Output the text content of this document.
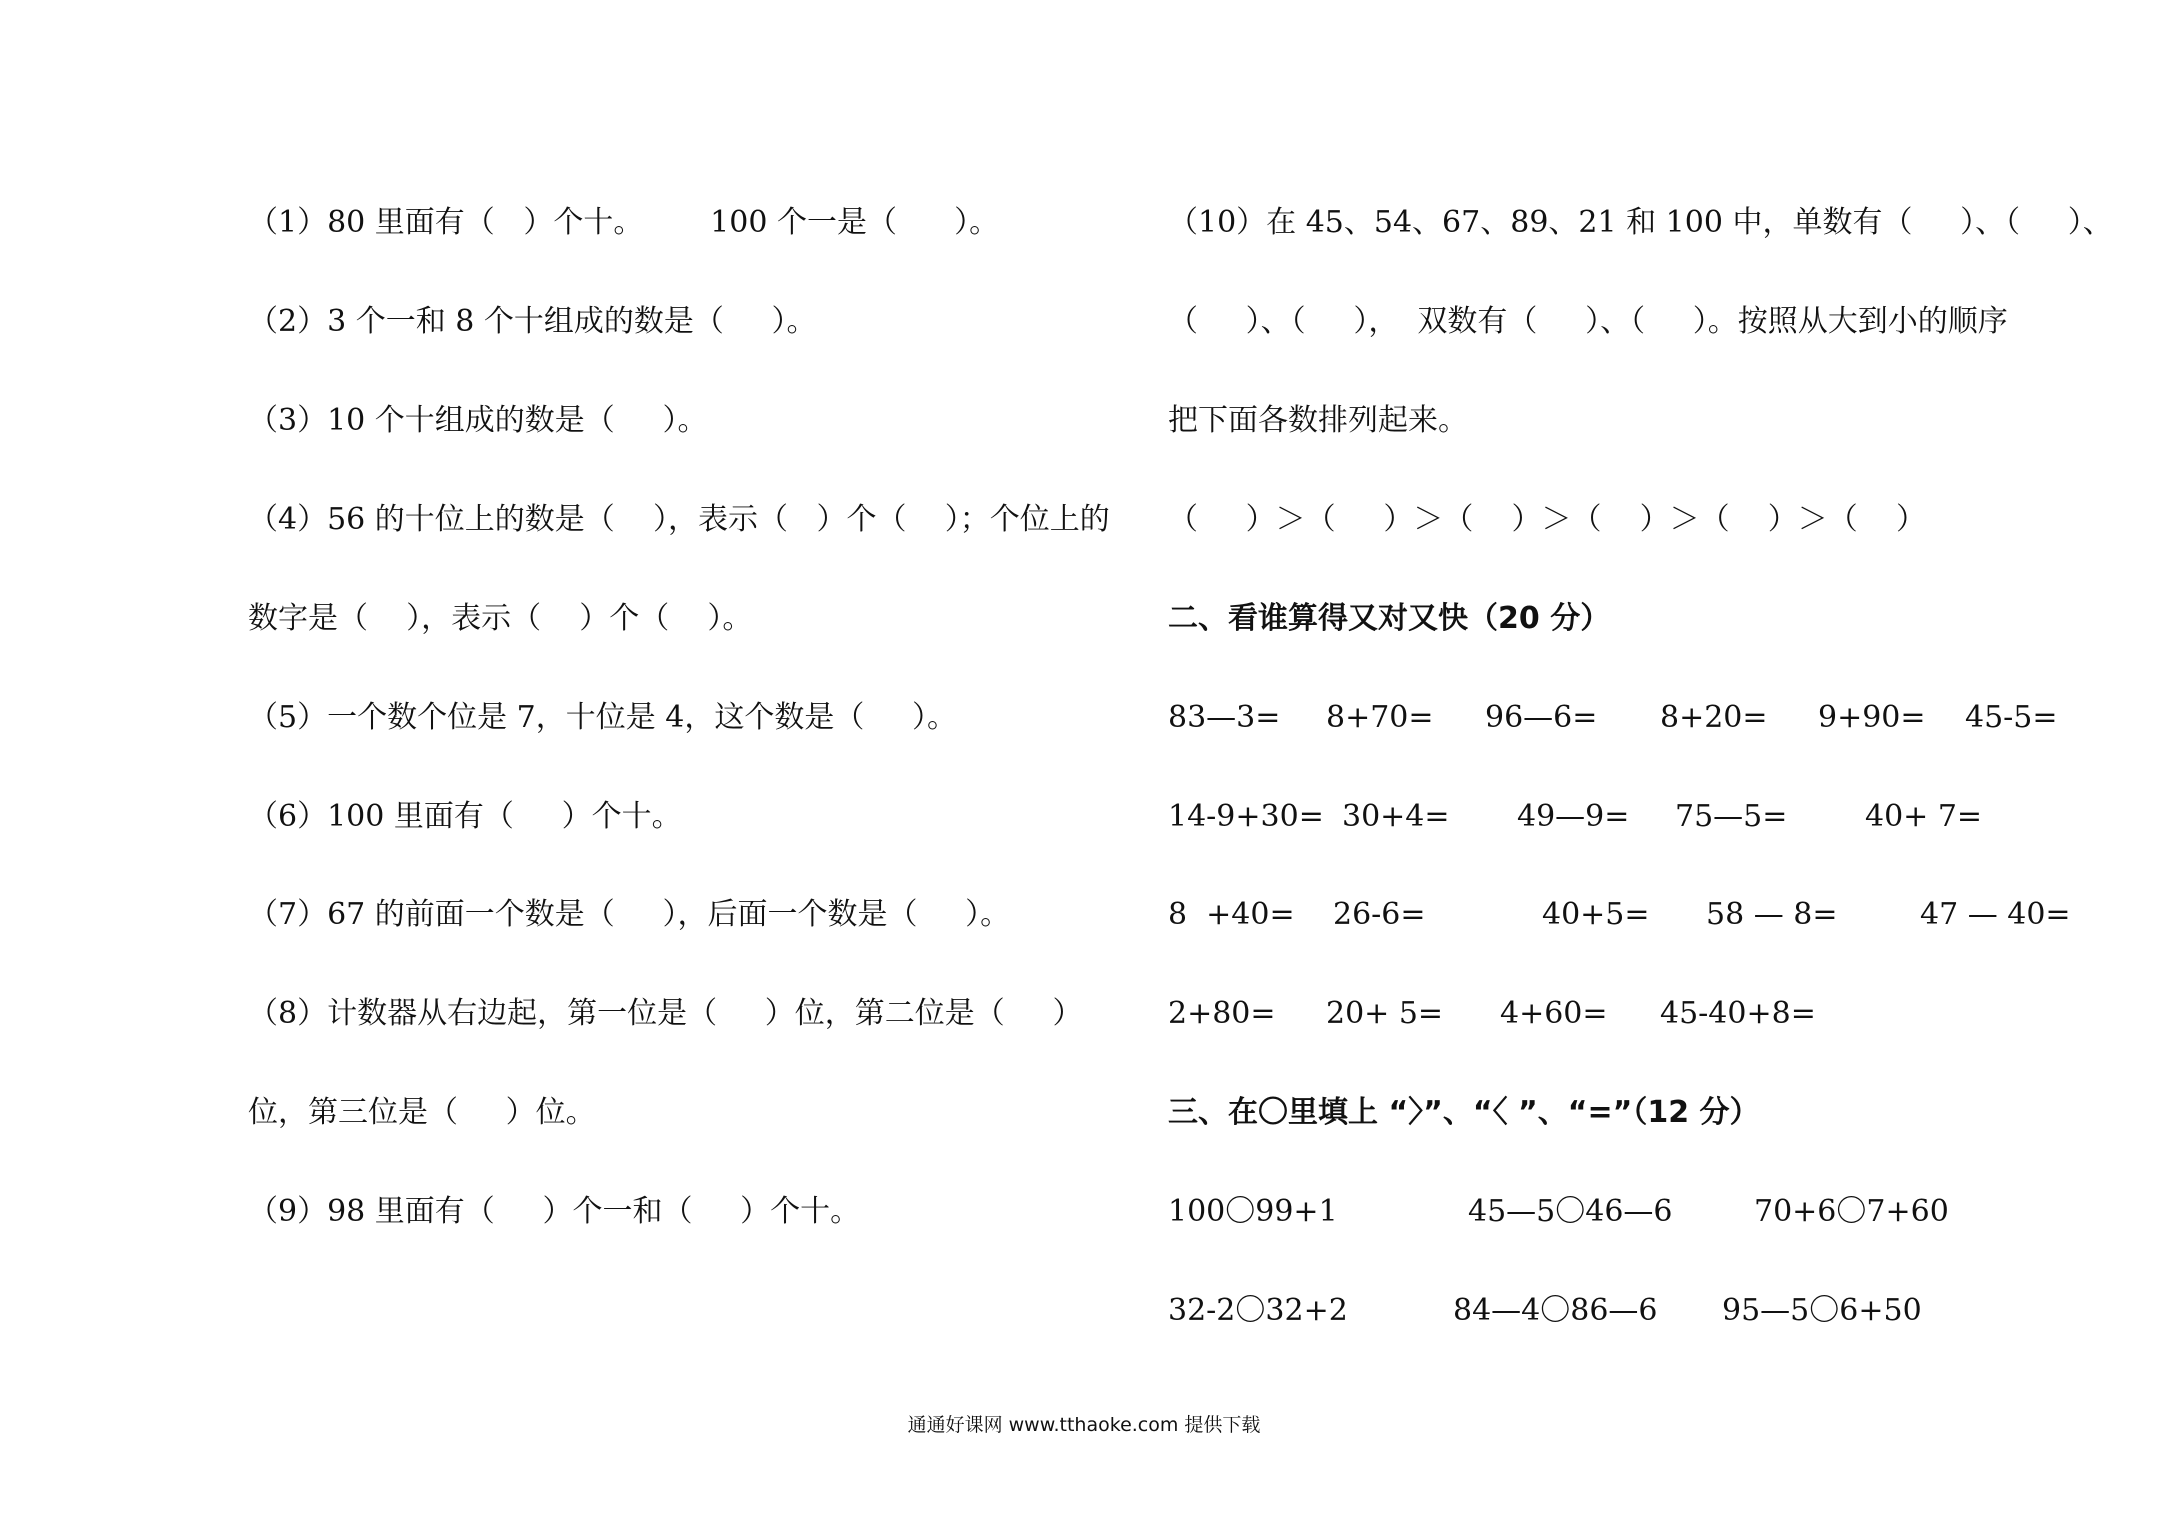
（1）80 里面有（   ）个十。       100 个一是（      ）。
（2）3 个一和 8 个十组成的数是（     ）。
（3）10 个十组成的数是（     ）。
（4）56 的十位上的数是（    ），表示（   ）个（    ）；个位上的
数字是（    ），表示（    ）个（    ）。
（5）一个数个位是 7，十位是 4，这个数是（     ）。
（6）100 里面有（     ）个十。
（7）67 的前面一个数是（     ），后面一个数是（     ）。
（8）计数器从右边起，第一位是（     ）位，第二位是（     ）
位，第三位是（     ）位。
（9）98 里面有（     ）个一和（     ）个十。
（10）在 45、54、67、89、21 和 100 中，单数有（     ）、（     ）、
（     ）、（     ），  双数有（     ）、（     ）。按照从大到小的顺序
把下面各数排列起来。
（     ）＞（     ）＞（    ）＞（    ）＞（    ）＞（    ）
二、看谁算得又对又快（20 分）
83—3= 8+70= 96—6= 8+20= 9+90= 45-5=
14-9+30= 30+4= 49—9= 75—5=	40+ 7=
8  +40= 26-6=	40+5= 58 — 8=	47 — 40=
2+80= 20+ 5= 4+60= 45-40+8=
三、在〇里填上 “〉”、“〈 ”、“=”（12 分）
100〇99+1	45—5〇46—6	70+6〇7+60
32-2〇32+2	84—4〇86—6 95—5〇6+50
通通好课网 www.tthaoke.com 提供下载
